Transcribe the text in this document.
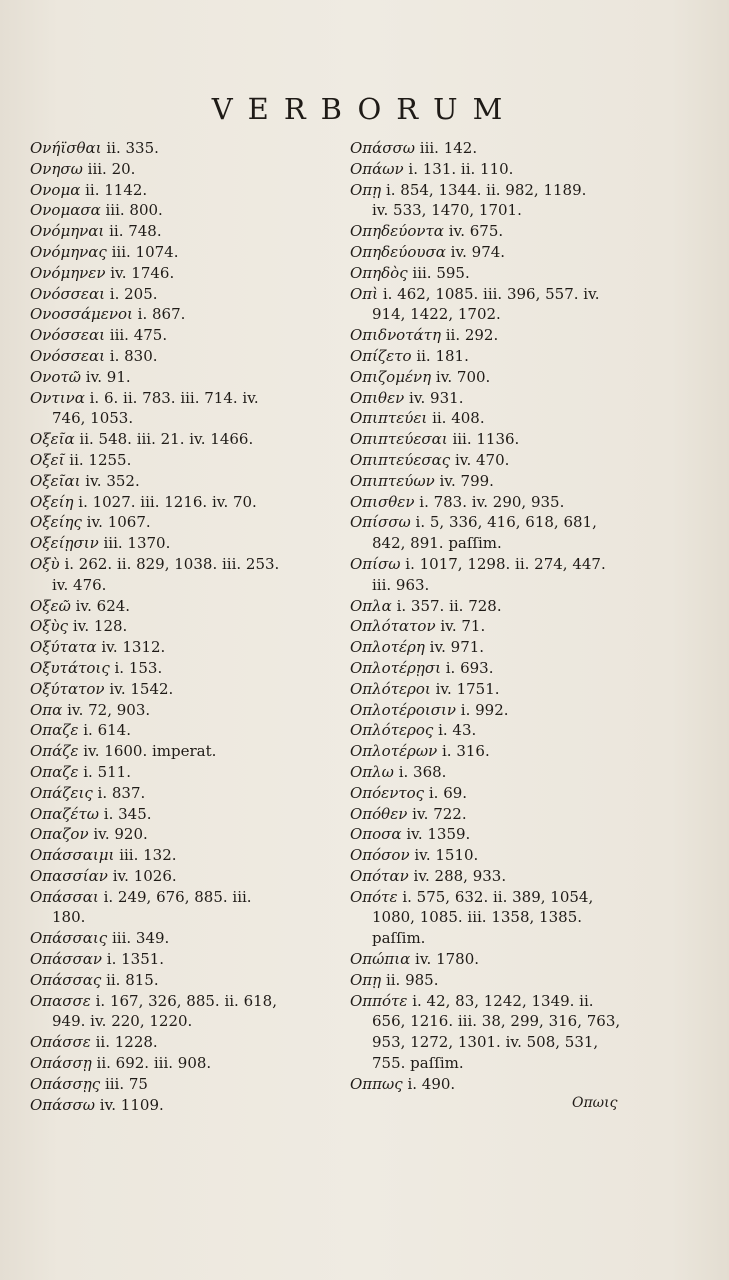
VERBORUM
Ονήϊσθαι ii. 335.
Ονησω iii. 20.
Ονομα ii. 1142.
Ονομασα iii. 800.
Ονόμηναι ii. 748.
Ονόμηνας iii. 1074.
Ονόμηνεν iv. 1746.
Ονόσσεαι i. 205.
Ονοσσάμενοι i. 867.
Ονόσσεαι iii. 475.
Ονόσσεαι i. 830.
Ονοτῶ iv. 91.
Οντινα i. 6. ii. 783. iii. 714. iv.
746, 1053.
Οξεῖα ii. 548. iii. 21. iv. 1466.
Οξεῖ ii. 1255.
Οξεῖαι iv. 352.
Οξείη i. 1027. iii. 1216. iv. 70.
Οξείης iv. 1067.
Οξείῃσιν iii. 1370.
Οξὺ i. 262. ii. 829, 1038. iii. 253.
iv. 476.
Οξεῶ iv. 624.
Οξὺς iv. 128.
Οξύτατα iv. 1312.
Οξυτάτοις i. 153.
Οξύτατον iv. 1542.
Οπα iv. 72, 903.
Οπαζε i. 614.
Οπάζε iv. 1600. imperat.
Οπαζε i. 511.
Οπάζεις i. 837.
Οπαζέτω i. 345.
Οπαζον iv. 920.
Οπάσσαιμι iii. 132.
Οπασσίαν iv. 1026.
Οπάσσαι i. 249, 676, 885. iii.
180.
Οπάσσαις iii. 349.
Οπάσσαν i. 1351.
Οπάσσας ii. 815.
Οπασσε i. 167, 326, 885. ii. 618,
949. iv. 220, 1220.
Οπάσσε ii. 1228.
Οπάσσῃ ii. 692. iii. 908.
Οπάσσῃς iii. 75
Οπάσσω iv. 1109.
Οπάσσω iii. 142.
Οπάων i. 131. ii. 110.
Οπῃ i. 854, 1344. ii. 982, 1189.
iv. 533, 1470, 1701.
Οπηδεύοντα iv. 675.
Οπηδεύουσα iv. 974.
Οπηδὸς iii. 595.
Οπὶ i. 462, 1085. iii. 396, 557. iv.
914, 1422, 1702.
Οπιδνοτάτη ii. 292.
Οπίζετο ii. 181.
Οπιζομένη iv. 700.
Οπιθεν iv. 931.
Οπιπτεύει ii. 408.
Οπιπτεύεσαι iii. 1136.
Οπιπτεύεσας iv. 470.
Οπιπτεύων iv. 799.
Οπισθεν i. 783. iv. 290, 935.
Οπίσσω i. 5, 336, 416, 618, 681,
842, 891. paſſim.
Οπίσω i. 1017, 1298. ii. 274, 447.
iii. 963.
Οπλα i. 357. ii. 728.
Οπλότατον iv. 71.
Οπλοτέρη iv. 971.
Οπλοτέρῃσι i. 693.
Οπλότεροι iv. 1751.
Οπλοτέροισιν i. 992.
Οπλότερος i. 43.
Οπλοτέρων i. 316.
Οπλω i. 368.
Οπόεντος i. 69.
Οπόθεν iv. 722.
Οποσα iv. 1359.
Οπόσον iv. 1510.
Οπόταν iv. 288, 933.
Οπότε i. 575, 632. ii. 389, 1054,
1080, 1085. iii. 1358, 1385.
paſſim.
Οπώπια iv. 1780.
Οπῃ ii. 985.
Οππότε i. 42, 83, 1242, 1349. ii.
656, 1216. iii. 38, 299, 316, 763,
953, 1272, 1301. iv. 508, 531,
755. paſſim.
Οππως i. 490.
Οπωις
